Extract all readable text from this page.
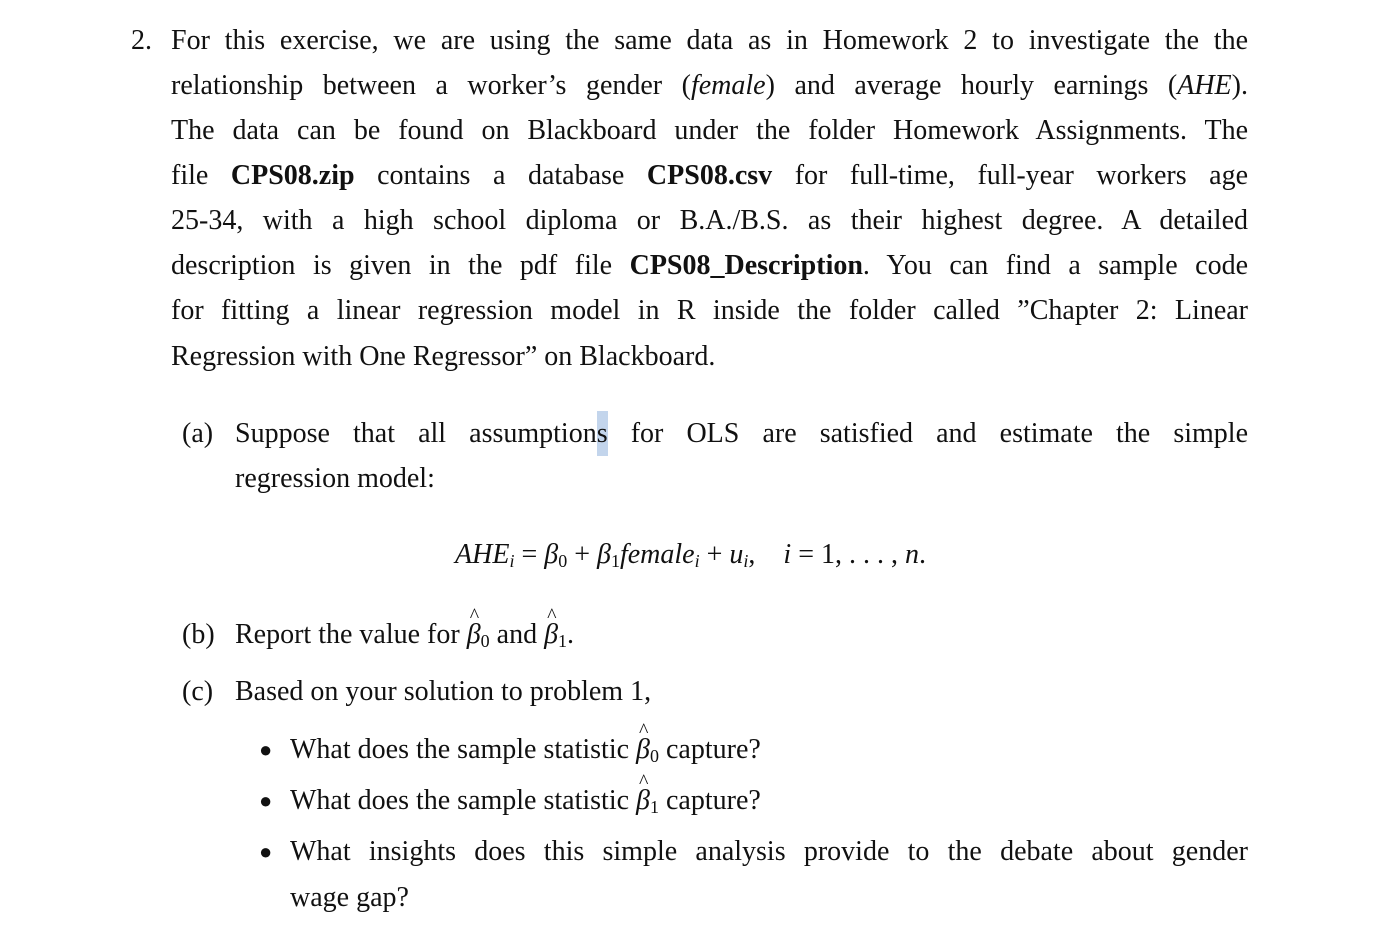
2. For this exercise, we are using the same data as in Homework 2 to investigate the the
relationship between a worker’s gender (female) and average hourly earnings (AHE).
The data can be found on Blackboard under the folder Homework Assignments. The
file CPS08.zip contains a database CPS08.csv for full-time, full-year workers age
25-34, with a high school diploma or B.A./B.S. as their highest degree. A detailed
description is given in the pdf file CPS08_Description. You can find a sample code
for fitting a linear regression model in R inside the folder called ”Chapter 2: Linear
Regression with One Regressor” on Blackboard.
(a) Suppose that all assumptions for OLS are satisfied and estimate the simple
regression model:
$AHE_i = \beta_0$ + $\beta_1female_i + u_i$,    i = 1, . . . , n.
(b) Report the value for ^ $\beta_0$ and ^ $\beta_1$.
(c) Based on your solution to problem 1,
● What does the sample statistic ^ $\beta_0$ capture?
● What does the sample statistic ^ $\beta_1$ capture?
● What insights does this simple analysis provide to the debate about gender
wage gap?
